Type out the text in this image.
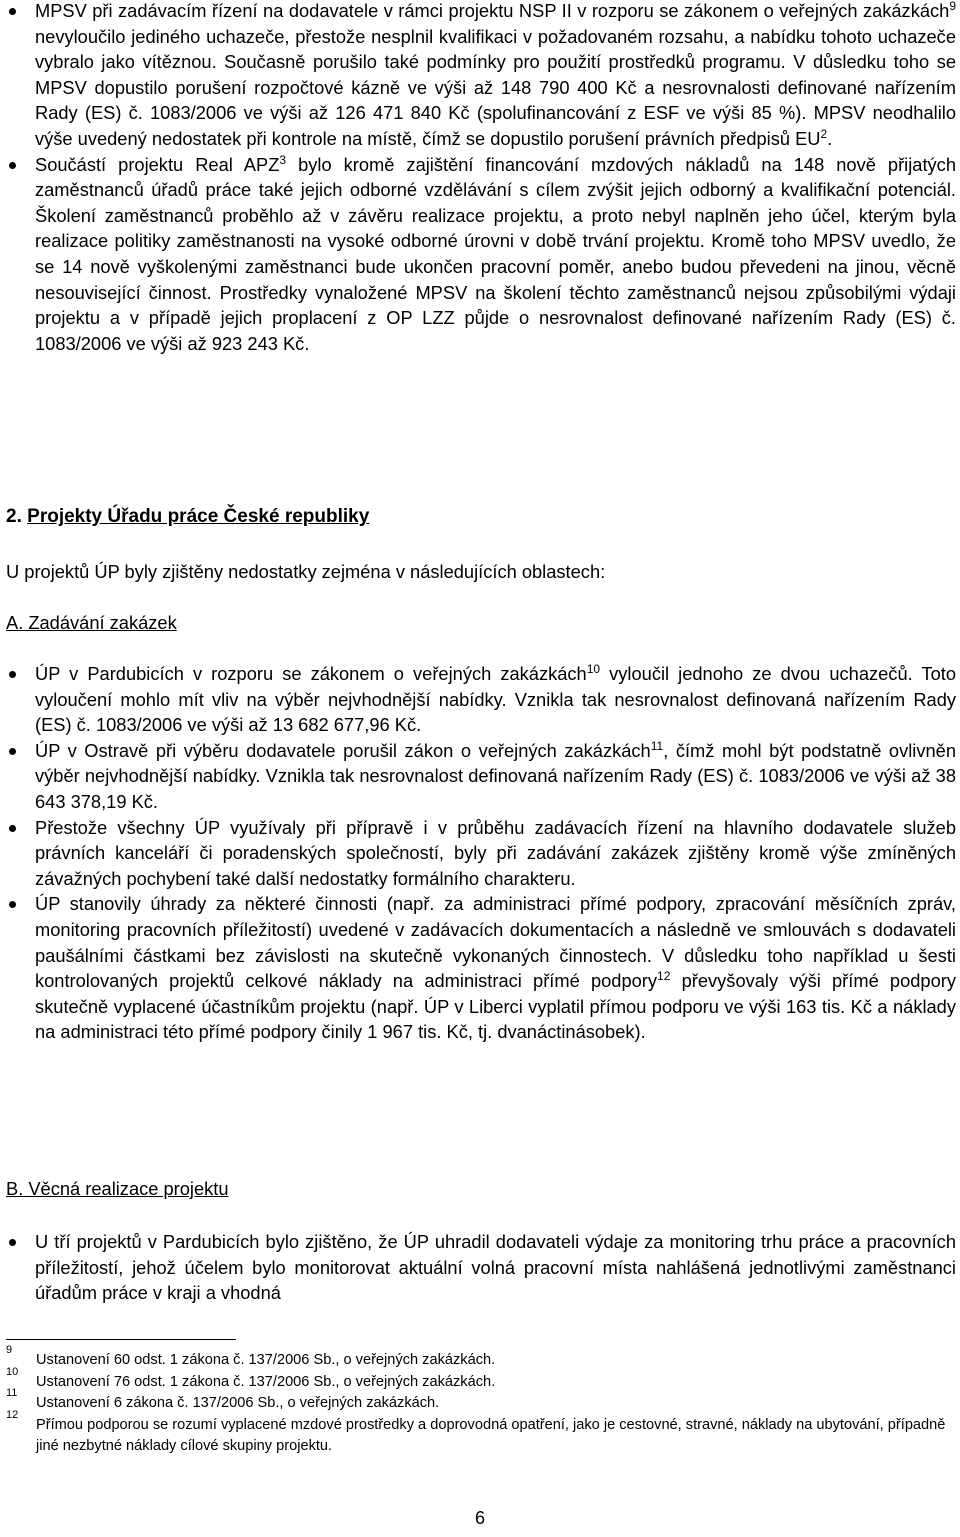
MPSV při zadávacím řízení na dodavatele v rámci projektu NSP II v rozporu se zákonem o veřejných zakázkách$^9$ nevyloučilo jediného uchazeče, přestože nesplnil kvalifikaci v požadovaném rozsahu, a nabídku tohoto uchazeče vybralo jako vítěznou. Současně porušilo také podmínky pro použití prostředků programu. V důsledku toho se MPSV dopustilo porušení rozpočtové kázně ve výši až 148 790 400 Kč a nesrovnalosti definované nařízením Rady (ES) č. 1083/2006 ve výši až 126 471 840 Kč (spolufinancování z ESF ve výši 85 %). MPSV neodhalilo výše uvedený nedostatek při kontrole na místě, čímž se dopustilo porušení právních předpisů $EU^2$.
Součástí projektu Real APZ$^3$ bylo kromě zajištění financování mzdových nákladů na 148 nově přijatých zaměstnanců úřadů práce také jejich odborné vzdělávání s cílem zvýšit jejich odborný a kvalifikační potenciál. Školení zaměstnanců proběhlo až v závěru realizace projektu, a proto nebyl naplněn jeho účel, kterým byla realizace politiky zaměstnanosti na vysoké odborné úrovni v době trvání projektu. Kromě toho MPSV uvedlo, že se 14 nově vyškolenými zaměstnanci bude ukončen pracovní poměr, anebo budou převedeni na jinou, věcně nesouvisející činnost. Prostředky vynaložené MPSV na školení těchto zaměstnanců nejsou způsobilými výdaji projektu a v případě jejich proplacení z OP LZZ půjde o nesrovnalost definované nařízením Rady (ES) č. 1083/2006 ve výši až 923 243 Kč.
2. Projekty Úřadu práce České republiky
U projektů ÚP byly zjištěny nedostatky zejména v následujících oblastech:
A. Zadávání zakázek
ÚP v Pardubicích v rozporu se zákonem o veřejných zakázkách$^{10}$ vyloučil jednoho ze dvou uchazečů. Toto vyloučení mohlo mít vliv na výběr nejvhodnější nabídky. Vznikla tak nesrovnalost definovaná nařízením Rady (ES) č. 1083/2006 ve výši až 13 682 677,96 Kč.
ÚP v Ostravě při výběru dodavatele porušil zákon o veřejných zakázkách$^{11}$, čímž mohl být podstatně ovlivněn výběr nejvhodnější nabídky. Vznikla tak nesrovnalost definovaná nařízením Rady (ES) č. 1083/2006 ve výši až 38 643 378,19 Kč.
Přestože všechny ÚP využívaly při přípravě i v průběhu zadávacích řízení na hlavního dodavatele služeb právních kanceláří či poradenských společností, byly při zadávání zakázek zjištěny kromě výše zmíněných závažných pochybení také další nedostatky formálního charakteru.
ÚP stanovily úhrady za některé činnosti (např. za administraci přímé podpory, zpracování měsíčních zpráv, monitoring pracovních příležitostí) uvedené v zadávacích dokumentacích a následně ve smlouvách s dodavateli paušálními částkami bez závislosti na skutečně vykonaných činnostech. V důsledku toho například u šesti kontrolovaných projektů celkové náklady na administraci přímé podpory$^{12}$ převyšovaly výši přímé podpory skutečně vyplacené účastníkům projektu (např. ÚP v Liberci vyplatil přímou podporu ve výši 163 tis. Kč a náklady na administraci této přímé podpory činily 1 967 tis. Kč, tj. dvanáctinásobek).
B. Věcná realizace projektu
U tří projektů v Pardubicích bylo zjištěno, že ÚP uhradil dodavateli výdaje za monitoring trhu práce a pracovních příležitostí, jehož účelem bylo monitorovat aktuální volná pracovní místa nahlášená jednotlivými zaměstnanci úřadům práce v kraji a vhodná
9
Ustanovení 60 odst. 1 zákona č. 137/2006 Sb., o veřejných zakázkách.
10
Ustanovení 76 odst. 1 zákona č. 137/2006 Sb., o veřejných zakázkách.
11
Ustanovení 6 zákona č. 137/2006 Sb., o veřejných zakázkách.
12
Přímou podporou se rozumí vyplacené mzdové prostředky a doprovodná opatření, jako je cestovné, stravné, náklady na ubytování, případně jiné nezbytné náklady cílové skupiny projektu.
6
